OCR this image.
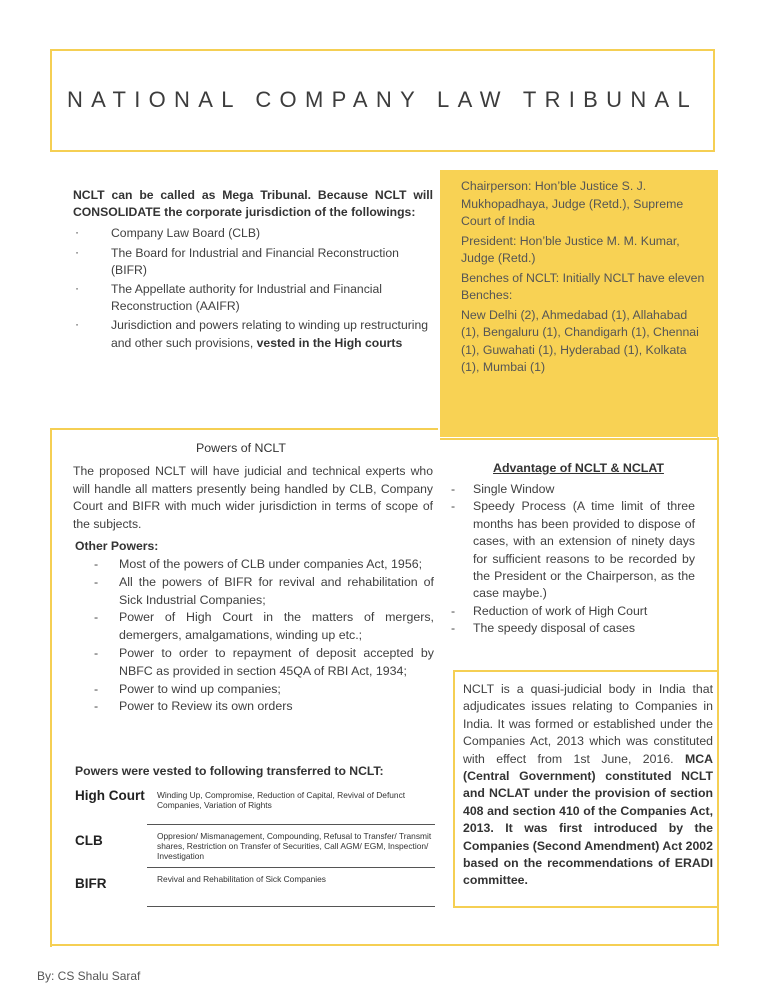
NATIONAL COMPANY LAW TRIBUNAL
NCLT can be called as Mega Tribunal. Because NCLT will CONSOLIDATE the corporate jurisdiction of the followings:
·	Company Law Board (CLB)
·	The Board for Industrial and Financial Reconstruction (BIFR)
·	The Appellate authority for Industrial and Financial Reconstruction (AAIFR)
·	Jurisdiction and powers relating to winding up restructuring and other such provisions, vested in the High courts

Chairperson: Hon’ble Justice S. J. Mukhopadhaya, Judge (Retd.), Supreme Court of India

President: Hon’ble Justice M. M. Kumar, Judge (Retd.)

Benches of NCLT: Initially NCLT have eleven Benches:

New Delhi (2), Ahmedabad (1), Allahabad (1), Bengaluru (1), Chandigarh (1), Chennai (1), Guwahati (1), Hyderabad (1), Kolkata (1), Mumbai (1)

Powers of NCLT
The proposed NCLT will have judicial and technical experts who will handle all matters presently being handled by CLB, Company Court and BIFR with much wider jurisdiction in terms of scope of the subjects.
Other Powers:
- Most of the powers of CLB under companies Act, 1956;
- All the powers of BIFR for revival and rehabilitation of Sick Industrial Companies;
- Power of High Court in the matters of mergers, demergers, amalgamations, winding up etc.;
- Power to order to repayment of deposit accepted by NBFC as provided in section 45QA of RBI Act, 1934;
- Power to wind up companies;
- Power to Review its own orders
Powers were vested to following transferred to NCLT:
High Court	Winding Up, Compromise, Reduction of Capital, Revival of Defunct Companies, Variation of Rights
CLB	Oppresion/ Mismanagement, Compounding, Refusal to Transfer/ Transmit shares, Restriction on Transfer of Securities, Call AGM/ EGM, Inspection/ Investigation
BIFR	Revival and Rehabilitation of Sick Companies
Advantage of NCLT & NCLAT
- Single Window
- Speedy Process (A time limit of three months has been provided to dispose of cases, with an extension of ninety days for sufficient reasons to be recorded by the President or the Chairperson, as the case maybe.)
- Reduction of work of High Court
- The speedy disposal of cases
NCLT is a quasi-judicial body in India that adjudicates issues relating to Companies in India. It was formed or established under the Companies Act, 2013 which was constituted with effect from 1st June, 2016. MCA (Central Government) constituted NCLT and NCLAT under the provision of section 408 and section 410 of the Companies Act, 2013. It was first introduced by the Companies (Second Amendment) Act 2002 based on the recommendations of ERADI committee.
By: CS Shalu Saraf
